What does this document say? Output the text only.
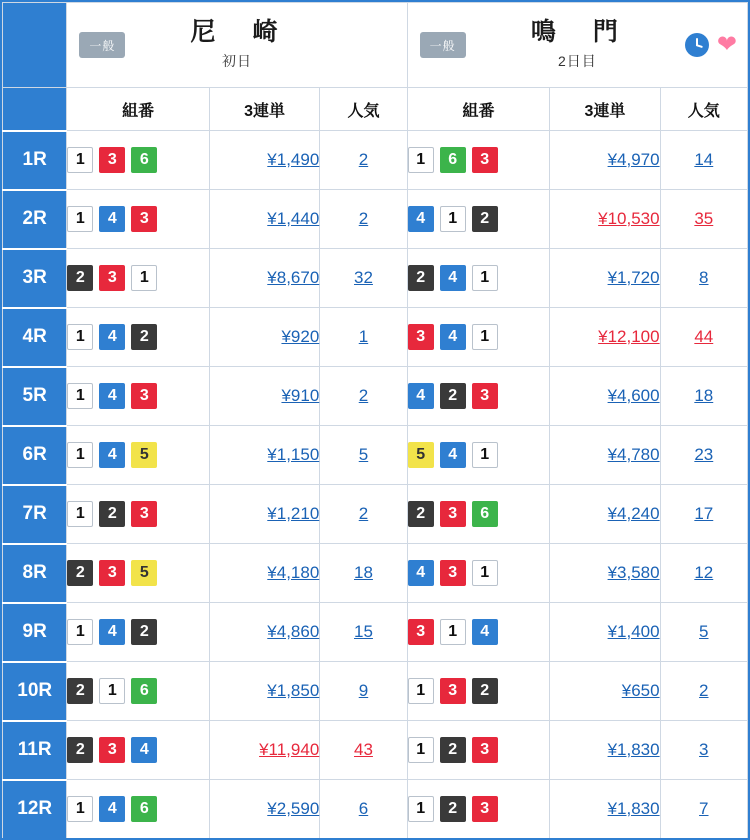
一般	尼　崎
初日

一般	鳴　門
2日目
❤

	組番	3連単	人気	組番	3連単	人気
1R	1 3 6	¥1,490	2	1 6 3	¥4,970	14
2R	1 4 3	¥1,440	2	4 1 2	¥10,530	35
3R	2 3 1	¥8,670	32	2 4 1	¥1,720	8
4R	1 4 2	¥920	1	3 4 1	¥12,100	44
5R	1 4 3	¥910	2	4 2 3	¥4,600	18
6R	1 4 5	¥1,150	5	5 4 1	¥4,780	23
7R	1 2 3	¥1,210	2	2 3 6	¥4,240	17
8R	2 3 5	¥4,180	18	4 3 1	¥3,580	12
9R	1 4 2	¥4,860	15	3 1 4	¥1,400	5
10R	2 1 6	¥1,850	9	1 3 2	¥650	2
11R	2 3 4	¥11,940	43	1 2 3	¥1,830	3
12R	1 4 6	¥2,590	6	1 2 3	¥1,830	7
